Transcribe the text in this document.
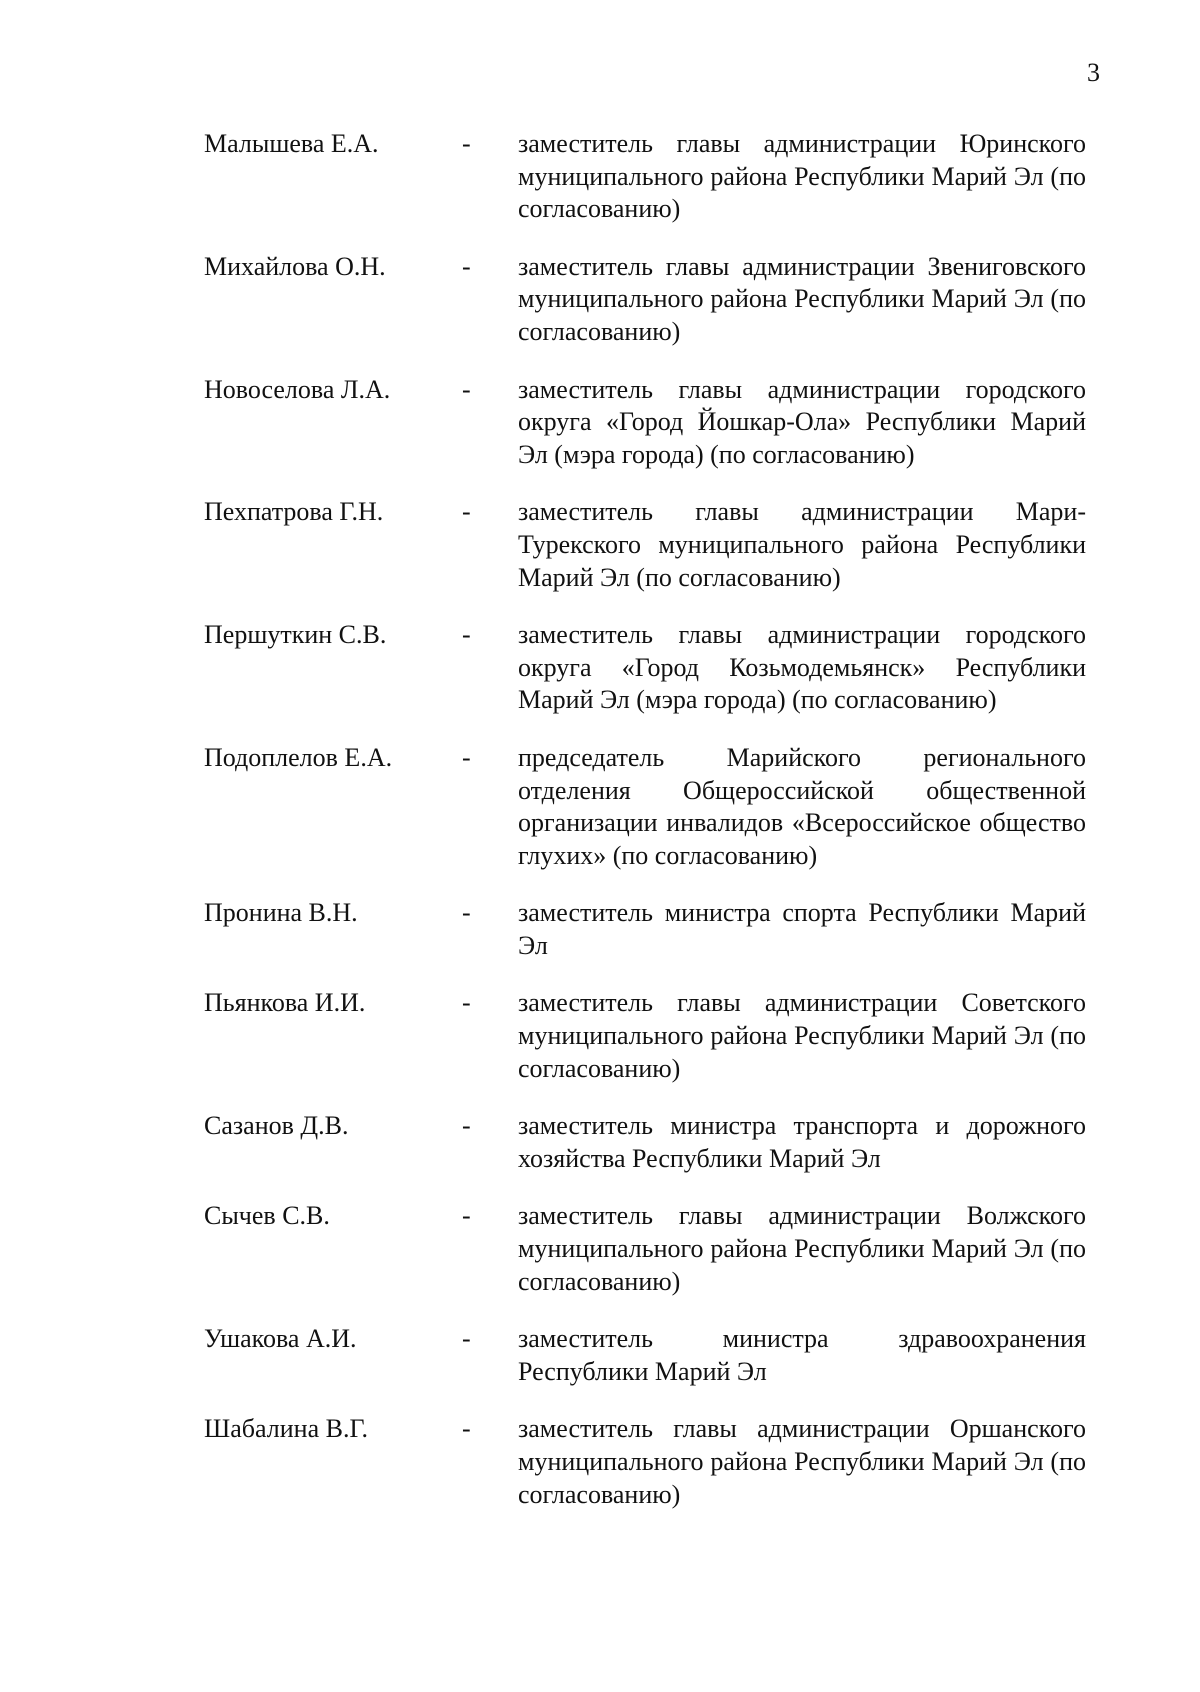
3
Малышева Е.А.	- заместитель главы администрации Юринского муниципального района Республики Марий Эл (по согласованию)
Михайлова О.Н.	- заместитель главы администрации Звениговского муниципального района Республики Марий Эл (по согласованию)
Новоселова Л.А.	- заместитель главы администрации городского округа «Город Йошкар-Ола» Республики Марий Эл (мэра города) (по согласованию)
Пехпатрова Г.Н.	- заместитель главы администрации Мари-Турекского муниципального района Республики Марий Эл (по согласованию)
Першуткин С.В.	- заместитель главы администрации городского округа «Город Козьмодемьянск» Республики Марий Эл (мэра города) (по согласованию)
Подоплелов Е.А.	- председатель Марийского регионального отделения Общероссийской общественной организации инвалидов «Всероссийское общество глухих» (по согласованию)
Пронина В.Н.	- заместитель министра спорта Республики Марий Эл
Пьянкова И.И.	- заместитель главы администрации Советского муниципального района Республики Марий Эл (по согласованию)
Сазанов Д.В.	- заместитель министра транспорта и дорожного хозяйства Республики Марий Эл
Сычев С.В.	- заместитель главы администрации Волжского муниципального района Республики Марий Эл (по согласованию)
Ушакова А.И.	- заместитель министра здравоохранения Республики Марий Эл
Шабалина В.Г.	- заместитель главы администрации Оршанского муниципального района Республики Марий Эл (по согласованию)
